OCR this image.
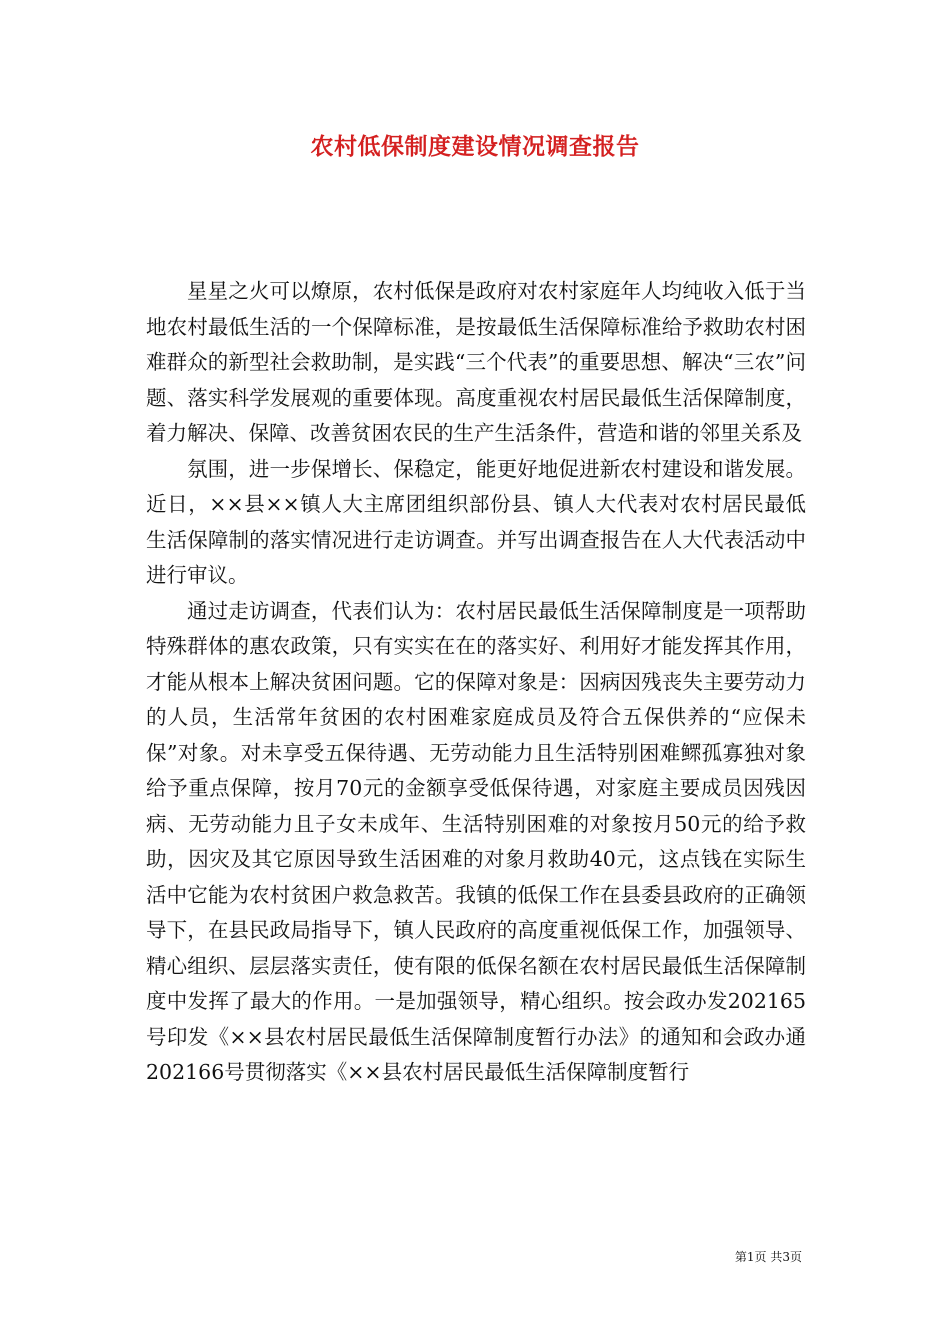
农村低保制度建设情况调查报告

星星之火可以燎原，农村低保是政府对农村家庭年人均纯收入低于当地农村最低生活的一个保障标准，是按最低生活保障标准给予救助农村困难群众的新型社会救助制，是实践“三个代表”的重要思想、解决“三农”问题、落实科学发展观的重要体现。高度重视农村居民最低生活保障制度，着力解决、保障、改善贫困农民的生产生活条件，营造和谐的邻里关系及

氛围，进一步保增长、保稳定，能更好地促进新农村建设和谐发展。近日，××县××镇人大主席团组织部份县、镇人大代表对农村居民最低生活保障制的落实情况进行走访调查。并写出调查报告在人大代表活动中进行审议。

通过走访调查，代表们认为：农村居民最低生活保障制度是一项帮助特殊群体的惠农政策，只有实实在在的落实好、利用好才能发挥其作用，才能从根本上解决贫困问题。它的保障对象是：因病因残丧失主要劳动力的人员，生活常年贫困的农村困难家庭成员及符合五保供养的“应保未保”对象。对未享受五保待遇、无劳动能力且生活特别困难鳏孤寡独对象给予重点保障，按月70元的金额享受低保待遇，对家庭主要成员因残因病、无劳动能力且子女未成年、生活特别困难的对象按月50元的给予救助，因灾及其它原因导致生活困难的对象月救助40元，这点钱在实际生活中它能为农村贫困户救急救苦。我镇的低保工作在县委县政府的正确领导下，在县民政局指导下，镇人民政府的高度重视低保工作，加强领导、精心组织、层层落实责任，使有限的低保名额在农村居民最低生活保障制度中发挥了最大的作用。一是加强领导，精心组织。按会政办发202165号印发《××县农村居民最低生活保障制度暂行办法》的通知和会政办通202166号贯彻落实《××县农村居民最低生活保障制度暂行

第1页 共3页
